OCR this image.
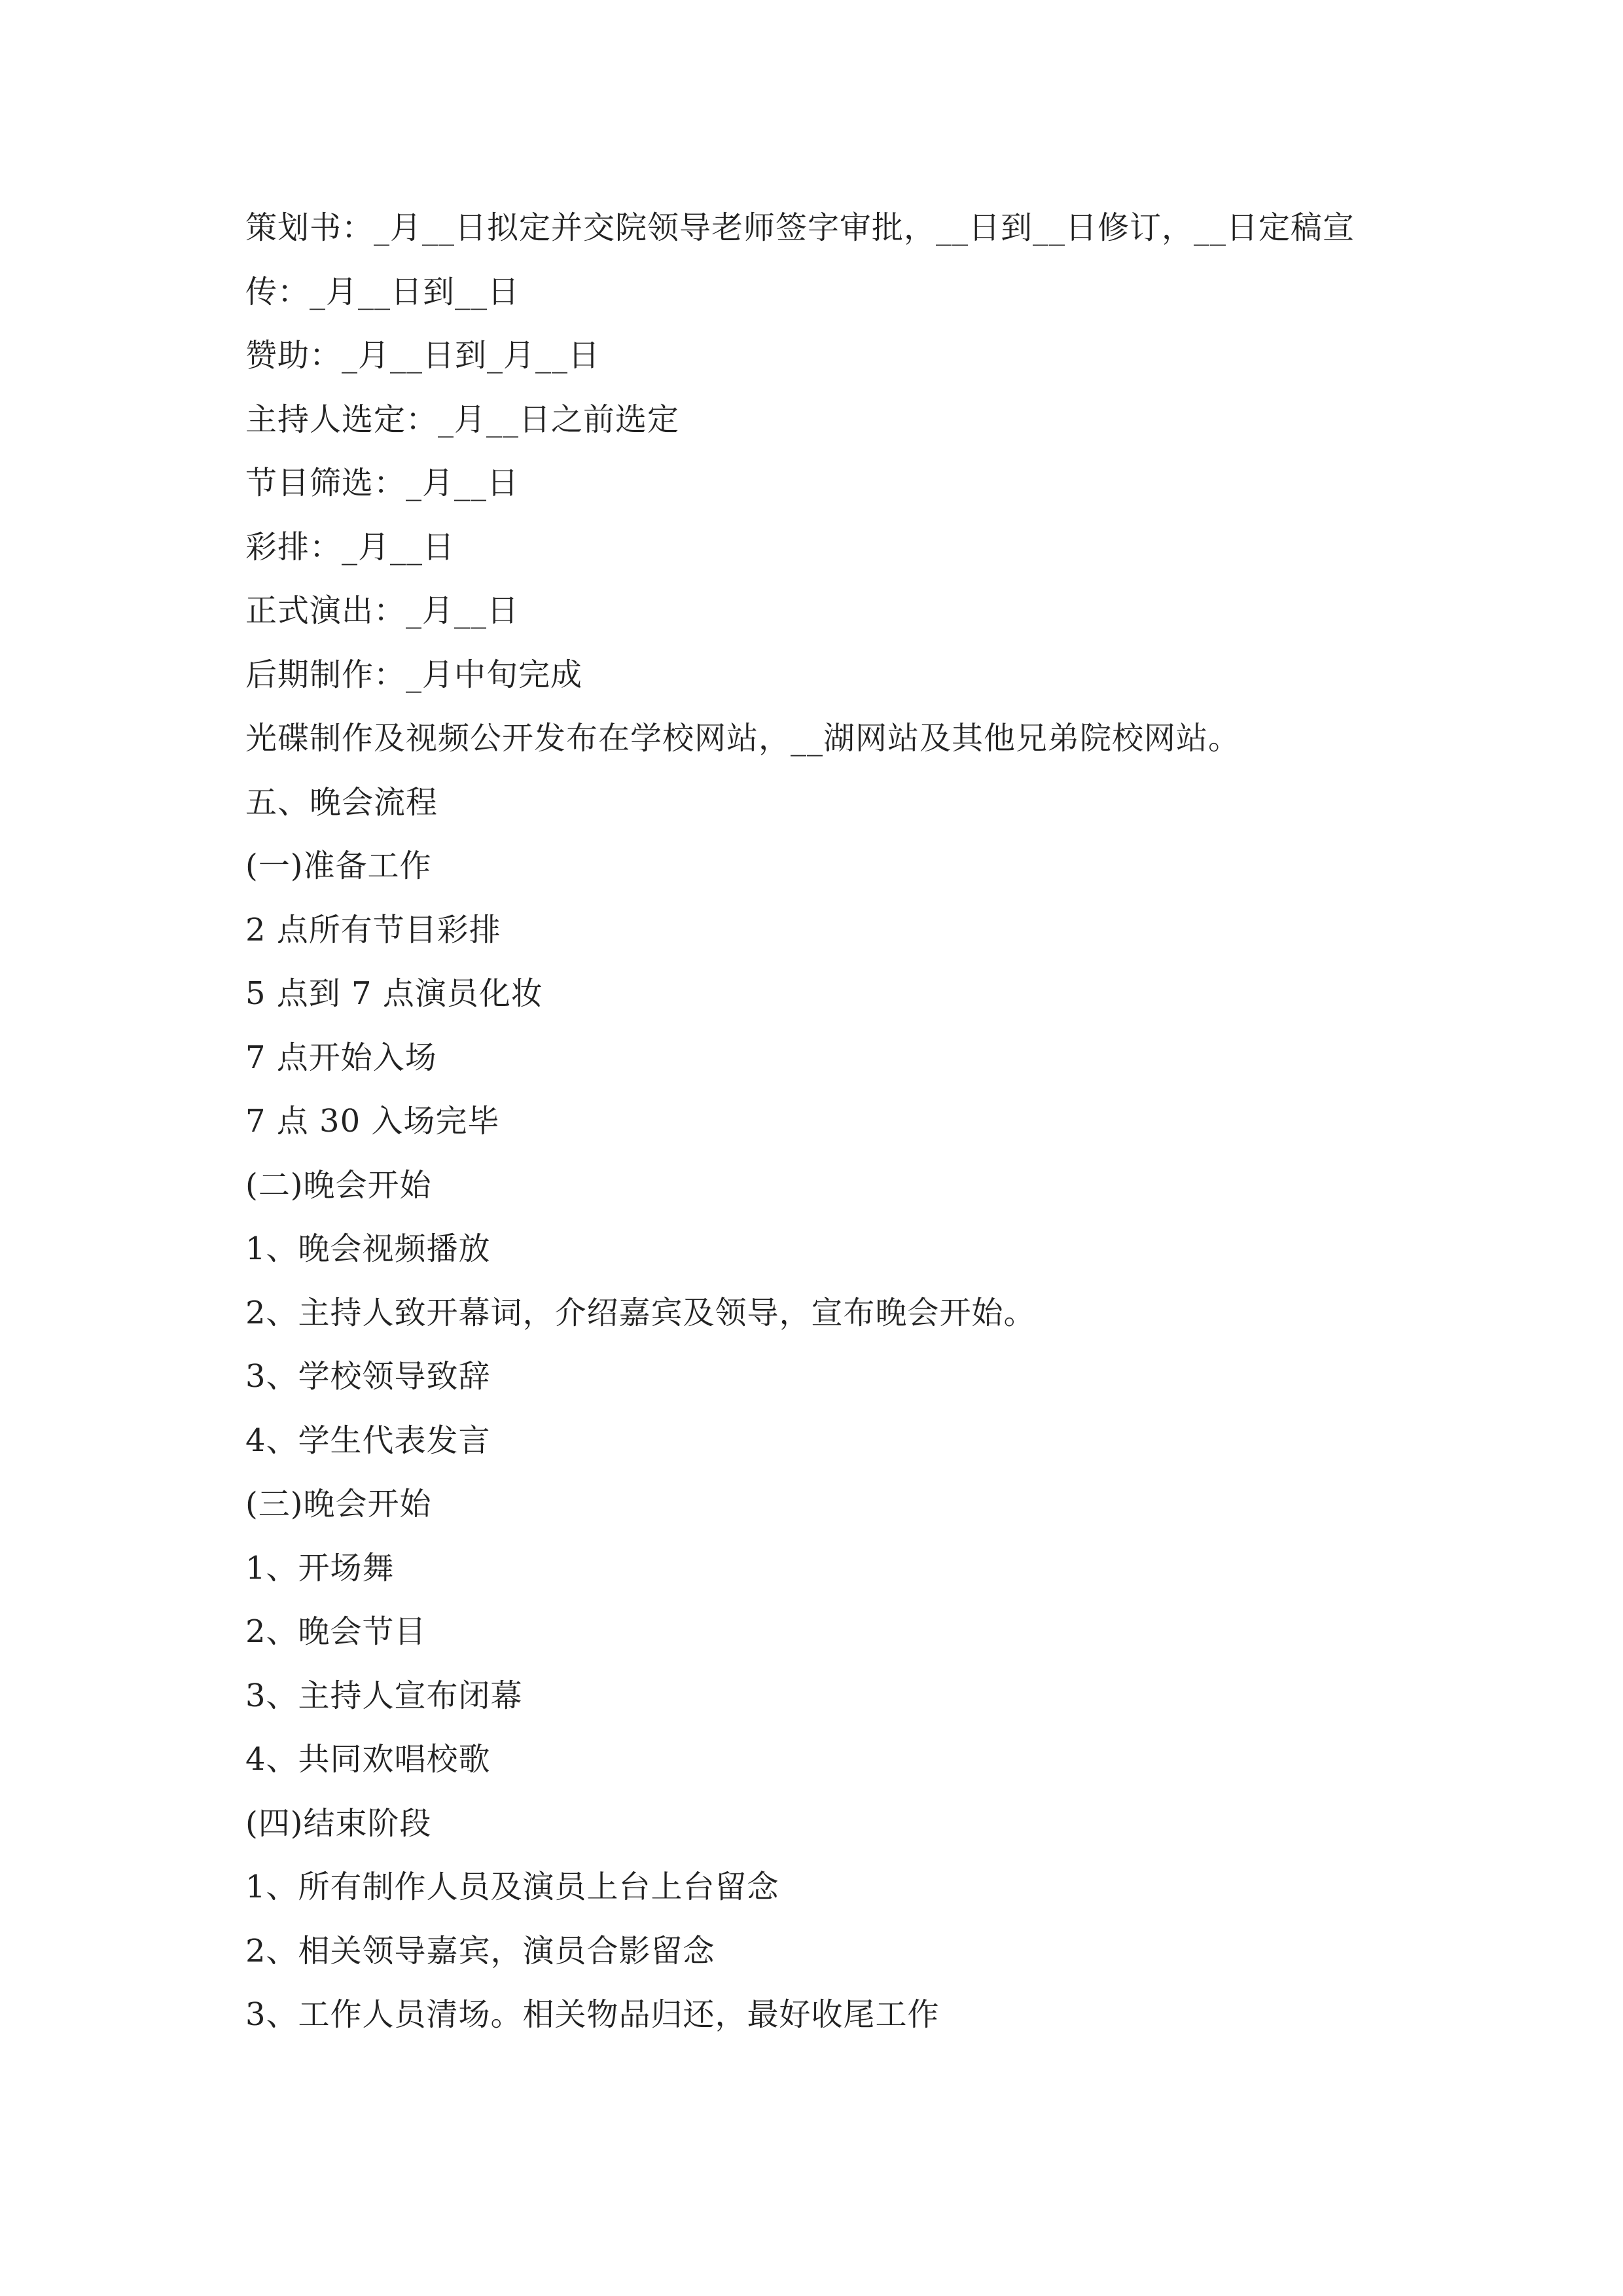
策划书：_月__日拟定并交院领导老师签字审批，__日到__日修订，__日定稿宣
传：_月__日到__日
赞助：_月__日到_月__日
主持人选定：_月__日之前选定
节目筛选：_月__日
彩排：_月__日
正式演出：_月__日
后期制作：_月中旬完成
光碟制作及视频公开发布在学校网站，__湖网站及其他兄弟院校网站。
五、晚会流程
(一)准备工作
2 点所有节目彩排
5 点到 7 点演员化妆
7 点开始入场
7 点 30 入场完毕
(二)晚会开始
1、晚会视频播放
2、主持人致开幕词，介绍嘉宾及领导，宣布晚会开始。
3、学校领导致辞
4、学生代表发言
(三)晚会开始
1、开场舞
2、晚会节目
3、主持人宣布闭幕
4、共同欢唱校歌
(四)结束阶段
1、所有制作人员及演员上台上台留念
2、相关领导嘉宾，演员合影留念
3、工作人员清场。相关物品归还，最好收尾工作
